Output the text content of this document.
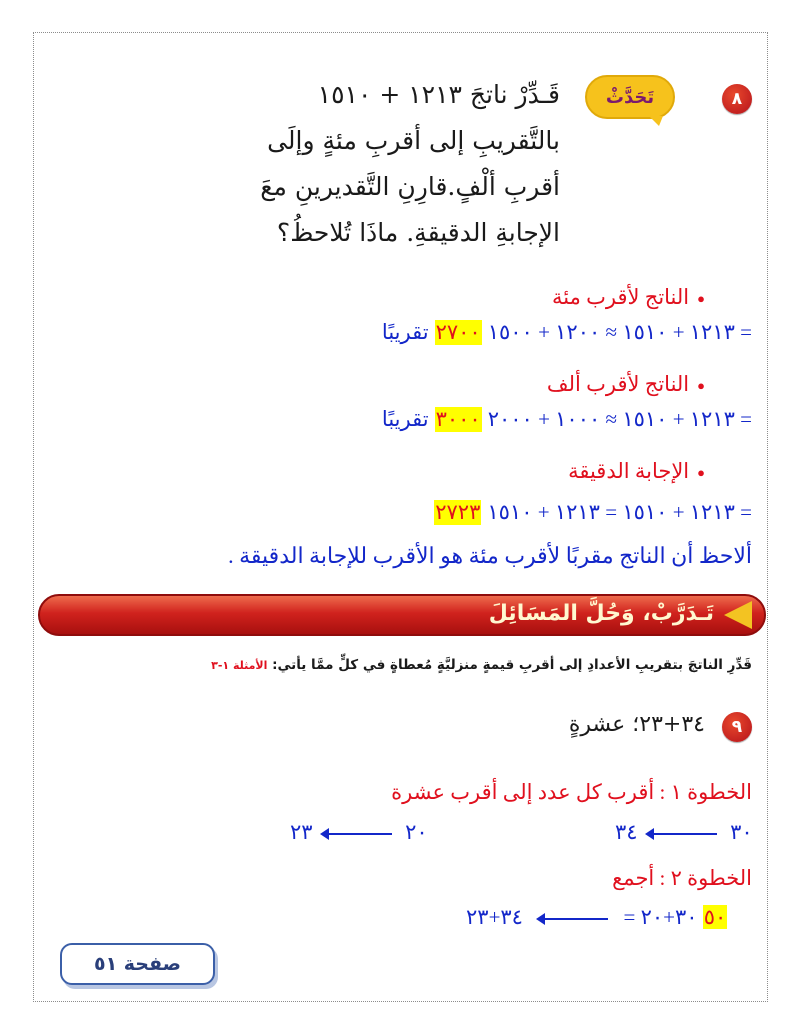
٨
تَحَدَّثْ
قَـدِّرْ ناتجَ ١٢١٣ + ١٥١٠
بالتَّقريبِ إلى أقربِ مئةٍ وإلَى
أقربِ ألْفٍ.قارِنِ التَّقديرينِ معَ
الإجابةِ الدقيقةِ. ماذَا تُلاحظُ؟
● الناتج لأقرب مئة
١٢١٣ + ١٥١٠ ≈ ١٢٠٠ + ١٥٠٠ =
٢٧٠٠
تقريبًا
● الناتج لأقرب ألف
١٢١٣ + ١٥١٠ ≈ ١٠٠٠ + ٢٠٠٠ =
٣٠٠٠
تقريبًا
● الإجابة الدقيقة
١٢١٣ + ١٥١٠ = ١٢١٣ + ١٥١٠ =
٢٧٢٣
ألاحظ أن الناتج مقربًا لأقرب مئة هو الأقرب للإجابة الدقيقة .
تَـدَرَّبْ، وَحُلَّ المَسَائِلَ
قَدِّرِ الناتجَ بتقريبِ الأعدادِ إلى أقربِ قيمةٍ منزليَّةٍ مُعطاةٍ في كلٍّ ممَّا يأتي: الأمثلة ١-٣
٩
٣٤+٢٣؛ عشرةٍ
الخطوة ١ : أقرب كل عدد إلى أقرب عشرة
٣٠  ٣٤
٢٠  ٢٣
الخطوة ٢ : أجمع
٥٠ ٣٠+٢٠ =  ٣٤+٢٣
صفحة ٥١
